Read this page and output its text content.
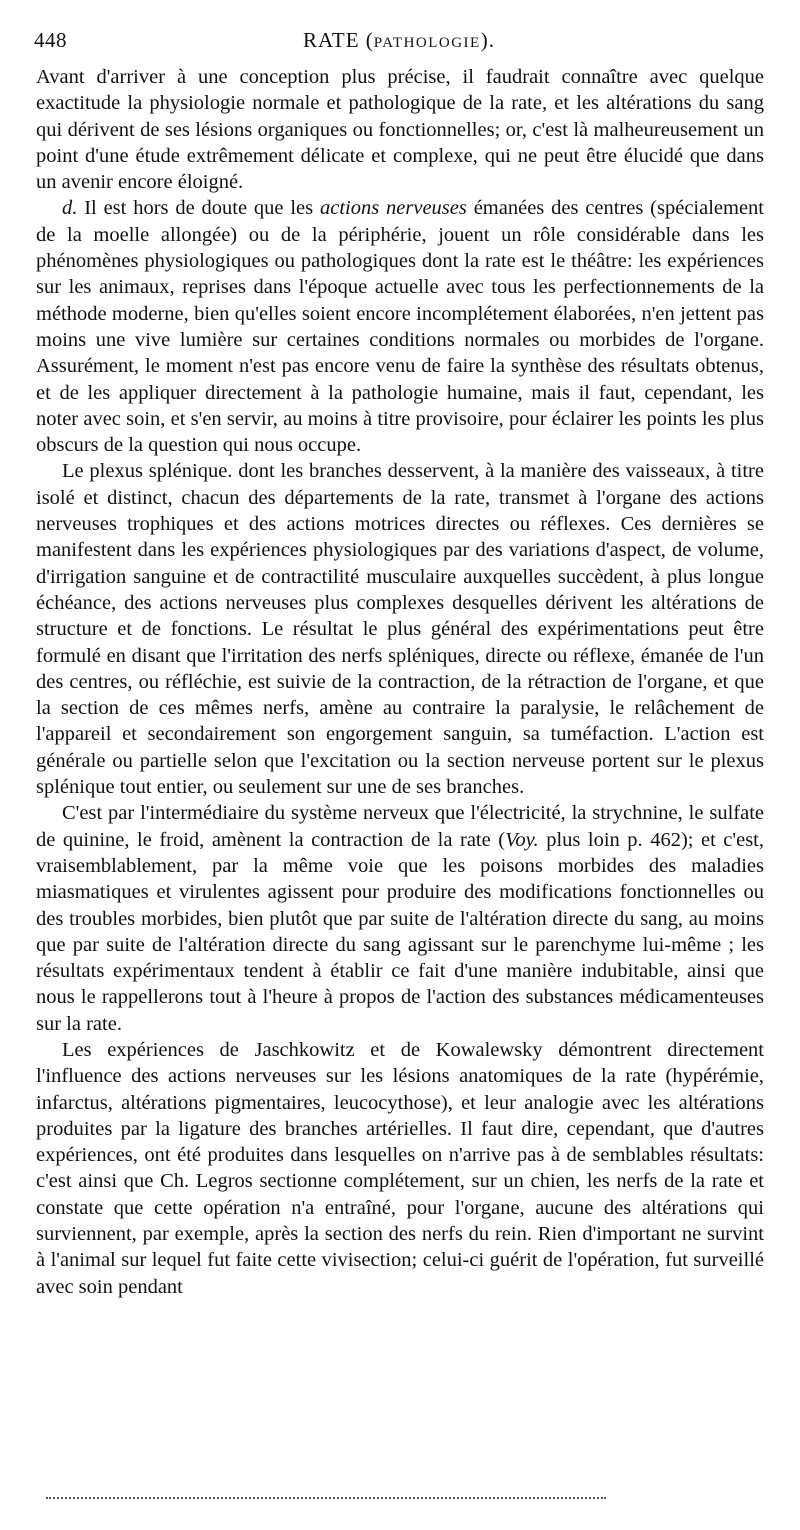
448	RATE (PATHOLOGIE).

Avant d'arriver à une conception plus précise, il faudrait connaître avec quelque exactitude la physiologie normale et pathologique de la rate, et les altérations du sang qui dérivent de ses lésions organiques ou fonctionnelles; or, c'est là malheureusement un point d'une étude extrêmement délicate et complexe, qui ne peut être élucidé que dans un avenir encore éloigné.

d. Il est hors de doute que les actions nerveuses émanées des centres (spécialement de la moelle allongée) ou de la périphérie, jouent un rôle considérable dans les phénomènes physiologiques ou pathologiques dont la rate est le théâtre: les expériences sur les animaux, reprises dans l'époque actuelle avec tous les perfectionnements de la méthode moderne, bien qu'elles soient encore incomplétement élaborées, n'en jettent pas moins une vive lumière sur certaines conditions normales ou morbides de l'organe. Assurément, le moment n'est pas encore venu de faire la synthèse des résultats obtenus, et de les appliquer directement à la pathologie humaine, mais il faut, cependant, les noter avec soin, et s'en servir, au moins à titre provisoire, pour éclairer les points les plus obscurs de la question qui nous occupe.

Le plexus splénique. dont les branches desservent, à la manière des vaisseaux, à titre isolé et distinct, chacun des départements de la rate, transmet à l'organe des actions nerveuses trophiques et des actions motrices directes ou réflexes. Ces dernières se manifestent dans les expériences physiologiques par des variations d'aspect, de volume, d'irrigation sanguine et de contractilité musculaire auxquelles succèdent, à plus longue échéance, des actions nerveuses plus complexes desquelles dérivent les altérations de structure et de fonctions. Le résultat le plus général des expérimentations peut être formulé en disant que l'irritation des nerfs spléniques, directe ou réflexe, émanée de l'un des centres, ou réfléchie, est suivie de la contraction, de la rétraction de l'organe, et que la section de ces mêmes nerfs, amène au contraire la paralysie, le relâchement de l'appareil et secondairement son engorgement sanguin, sa tuméfaction. L'action est générale ou partielle selon que l'excitation ou la section nerveuse portent sur le plexus splénique tout entier, ou seulement sur une de ses branches.

C'est par l'intermédiaire du système nerveux que l'électricité, la strychnine, le sulfate de quinine, le froid, amènent la contraction de la rate (Voy. plus loin p. 462); et c'est, vraisemblablement, par la même voie que les poisons morbides des maladies miasmatiques et virulentes agissent pour produire des modifications fonctionnelles ou des troubles morbides, bien plutôt que par suite de l'altération directe du sang, au moins que par suite de l'altération directe du sang agissant sur le parenchyme lui-même ; les résultats expérimentaux tendent à établir ce fait d'une manière indubitable, ainsi que nous le rappellerons tout à l'heure à propos de l'action des substances médicamenteuses sur la rate.

Les expériences de Jaschkowitz et de Kowalewsky démontrent directement l'influence des actions nerveuses sur les lésions anatomiques de la rate (hypérémie, infarctus, altérations pigmentaires, leucocythose), et leur analogie avec les altérations produites par la ligature des branches artérielles. Il faut dire, cependant, que d'autres expériences, ont été produites dans lesquelles on n'arrive pas à de semblables résultats: c'est ainsi que Ch. Legros sectionne complétement, sur un chien, les nerfs de la rate et constate que cette opération n'a entraîné, pour l'organe, aucune des altérations qui surviennent, par exemple, après la section des nerfs du rein. Rien d'important ne survint à l'animal sur lequel fut faite cette vivisection; celui-ci guérit de l'opération, fut surveillé avec soin pendant
